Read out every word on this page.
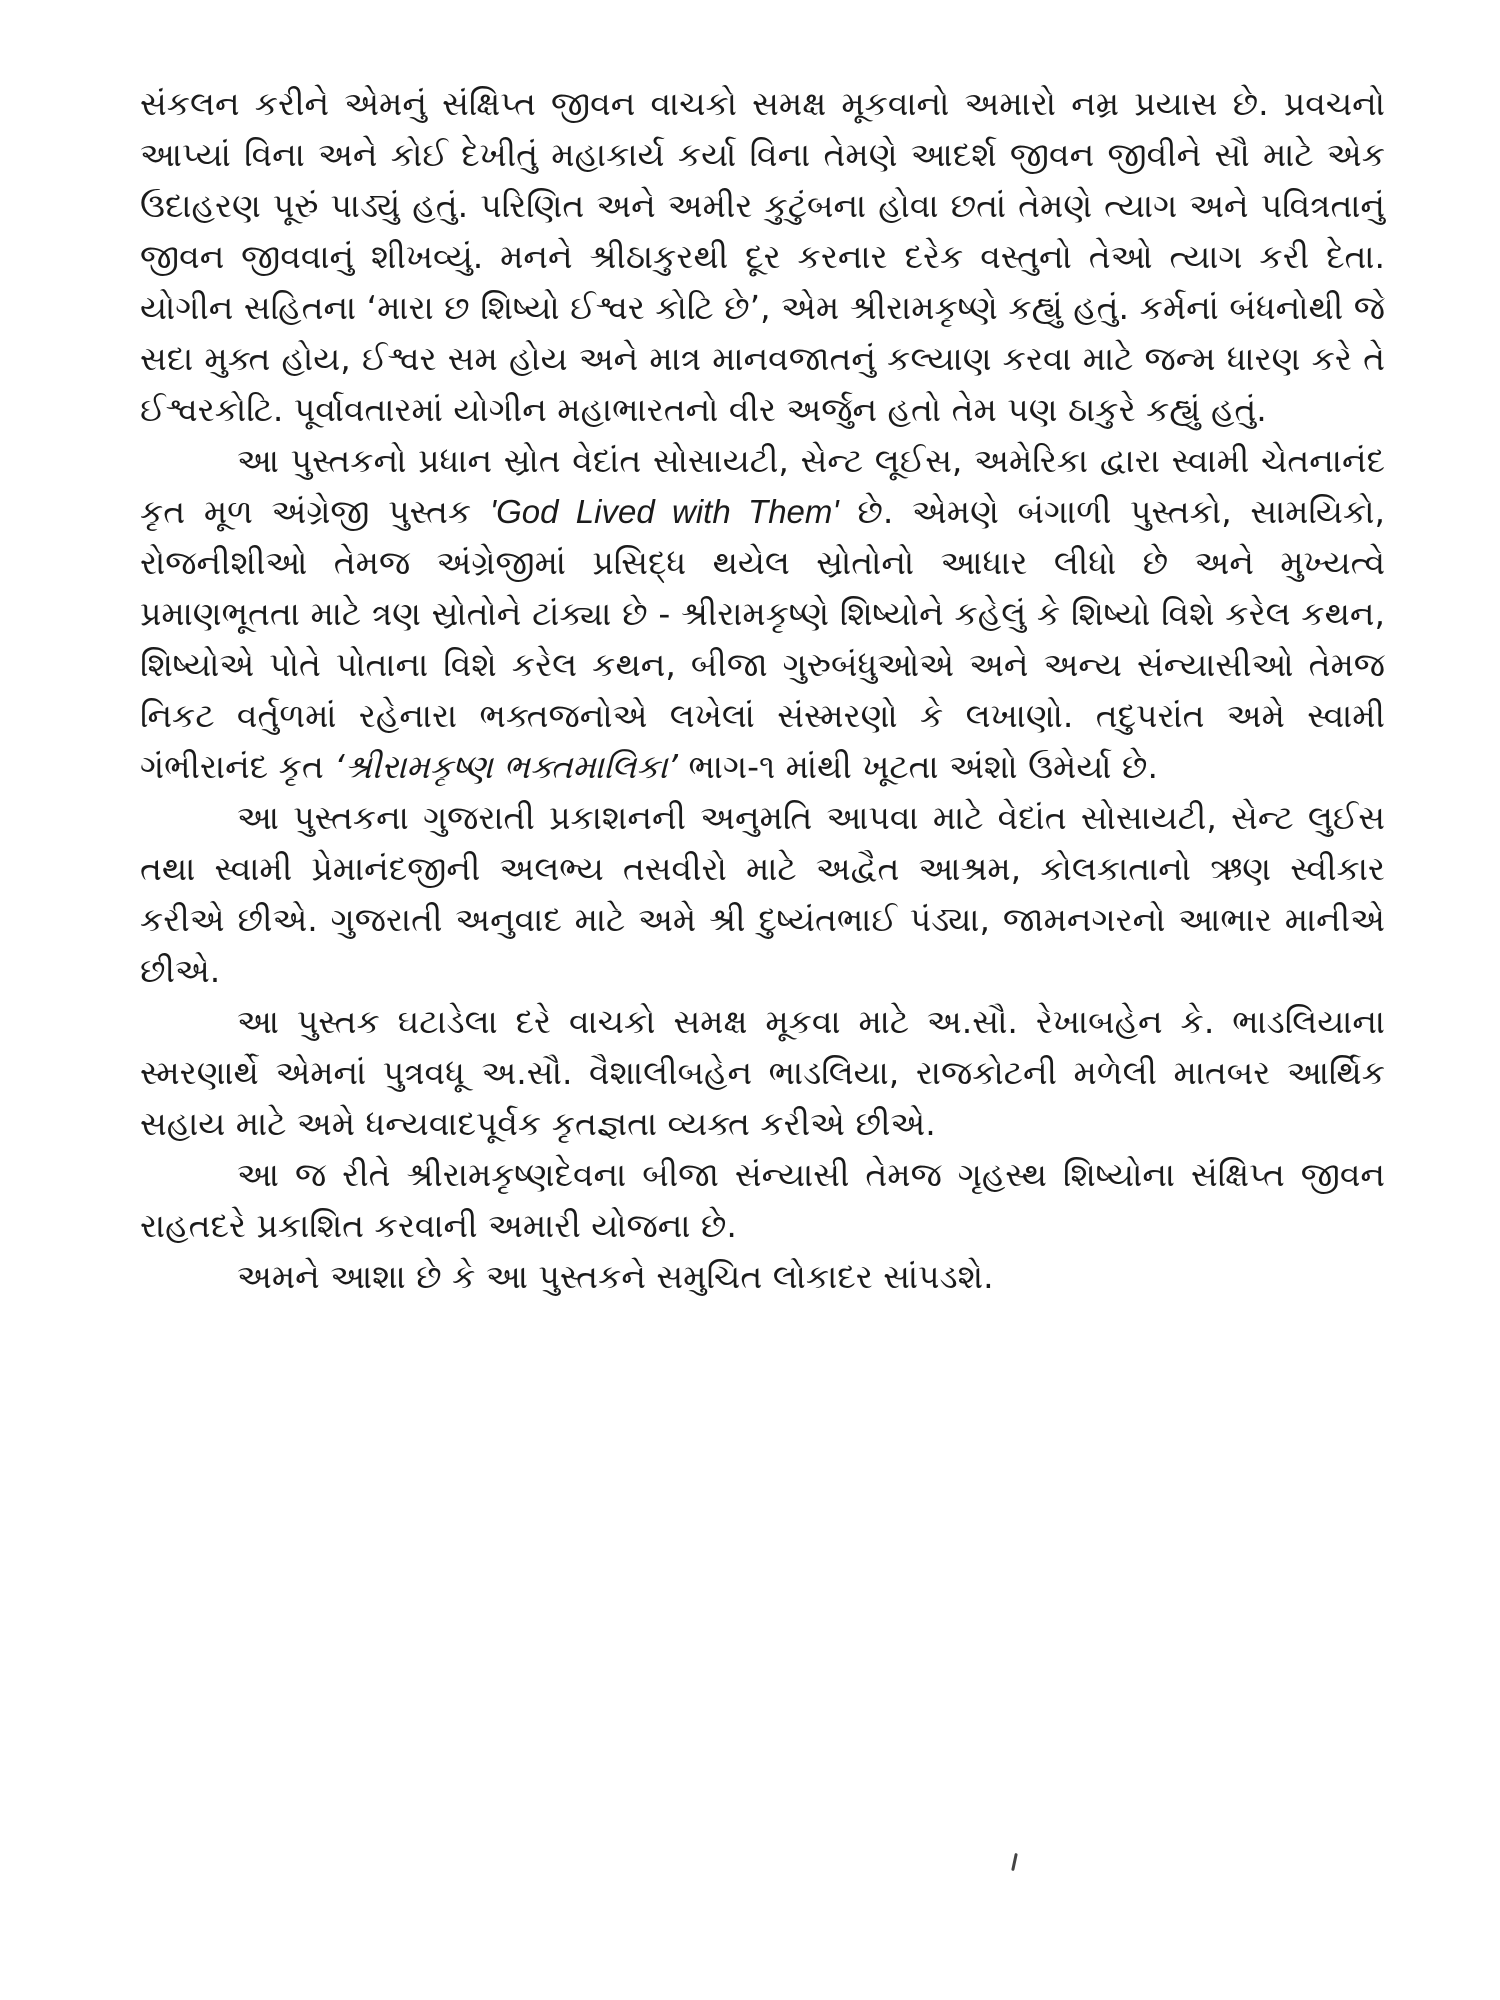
સંકલન કરીને એમનું સંક્ષિપ્ત જીવન વાચકો સમક્ષ મૂકવાનો અમારો નમ્ર પ્રયાસ છે. પ્રવચનો આપ્યાં વિના અને કોઈ દેખીતું મહાકાર્ય કર્યા વિના તેમણે આદર્શ જીવન જીવીને સૌ માટે એક ઉદાહરણ પૂરું પાડ્યું હતું. પરિણિત અને અમીર કુટુંબના હોવા છતાં તેમણે ત્યાગ અને પવિત્રતાનું જીવન જીવવાનું શીખવ્યું. મનને શ્રીઠાકુરથી દૂર કરનાર દરેક વસ્તુનો તેઓ ત્યાગ કરી દેતા. યોગીન સહિતના ‘મારા છ શિષ્યો ઈશ્વર કોટિ છે’, એમ શ્રીરામકૃષ્ણે કહ્યું હતું. કર્મનાં બંધનોથી જે સદા મુક્ત હોય, ઈશ્વર સમ હોય અને માત્ર માનવજાતનું કલ્યાણ કરવા માટે જન્મ ધારણ કરે તે ઈશ્વરકોટિ. પૂર્વાવતારમાં યોગીન મહાભારતનો વીર અર્જુન હતો તેમ પણ ઠાકુરે કહ્યું હતું.

આ પુસ્તકનો પ્રધાન સ્રોત વેદાંત સોસાયટી, સેન્ટ લૂઈસ, અમેરિકા દ્વારા સ્વામી ચેતનાનંદ કૃત મૂળ અંગ્રેજી પુસ્તક 'God Lived with Them' છે. એમણે બંગાળી પુસ્તકો, સામયિકો, રોજનીશીઓ તેમજ અંગ્રેજીમાં પ્રસિદ્ધ થયેલ સ્રોતોનો આધાર લીધો છે અને મુખ્યત્વે પ્રમાણભૂતતા માટે ત્રણ સ્રોતોને ટાંક્યા છે - શ્રીરામકૃષ્ણે શિષ્યોને કહેલું કે શિષ્યો વિશે કરેલ કથન, શિષ્યોએ પોતે પોતાના વિશે કરેલ કથન, બીજા ગુરુબંધુઓએ અને અન્ય સંન્યાસીઓ તેમજ નિકટ વર્તુળમાં રહેનારા ભક્તજનોએ લખેલાં સંસ્મરણો કે લખાણો. તદુપરાંત અમે સ્વામી ગંભીરાનંદ કૃત ‘શ્રીરામકૃષ્ણ ભક્તમાલિકા’ ભાગ-૧ માંથી ખૂટતા અંશો ઉમેર્યા છે.

આ પુસ્તકના ગુજરાતી પ્રકાશનની અનુમતિ આપવા માટે વેદાંત સોસાયટી, સેન્ટ લુઈસ તથા સ્વામી પ્રેમાનંદજીની અલભ્ય તસવીરો માટે અદ્વૈત આશ્રમ, કોલકાતાનો ઋણ સ્વીકાર કરીએ છીએ. ગુજરાતી અનુવાદ માટે અમે શ્રી દુષ્યંતભાઈ પંડ્યા, જામનગરનો આભાર માનીએ છીએ.

આ પુસ્તક ઘટાડેલા દરે વાચકો સમક્ષ મૂકવા માટે અ.સૌ. રેખાબહેન કે. ભાડલિયાના સ્મરણાર્થે એમનાં પુત્રવધૂ અ.સૌ. વૈશાલીબહેન ભાડલિયા, રાજકોટની મળેલી માતબર આર્થિક સહાય માટે અમે ધન્યવાદપૂર્વક કૃતજ્ઞતા વ્યક્ત કરીએ છીએ.

આ જ રીતે શ્રીરામકૃષ્ણદેવના બીજા સંન્યાસી તેમજ ગૃહસ્થ શિષ્યોના સંક્ષિપ્ત જીવન રાહતદરે પ્રકાશિત કરવાની અમારી યોજના છે.

અમને આશા છે કે આ પુસ્તકને સમુચિત લોકાદર સાંપડશે.
